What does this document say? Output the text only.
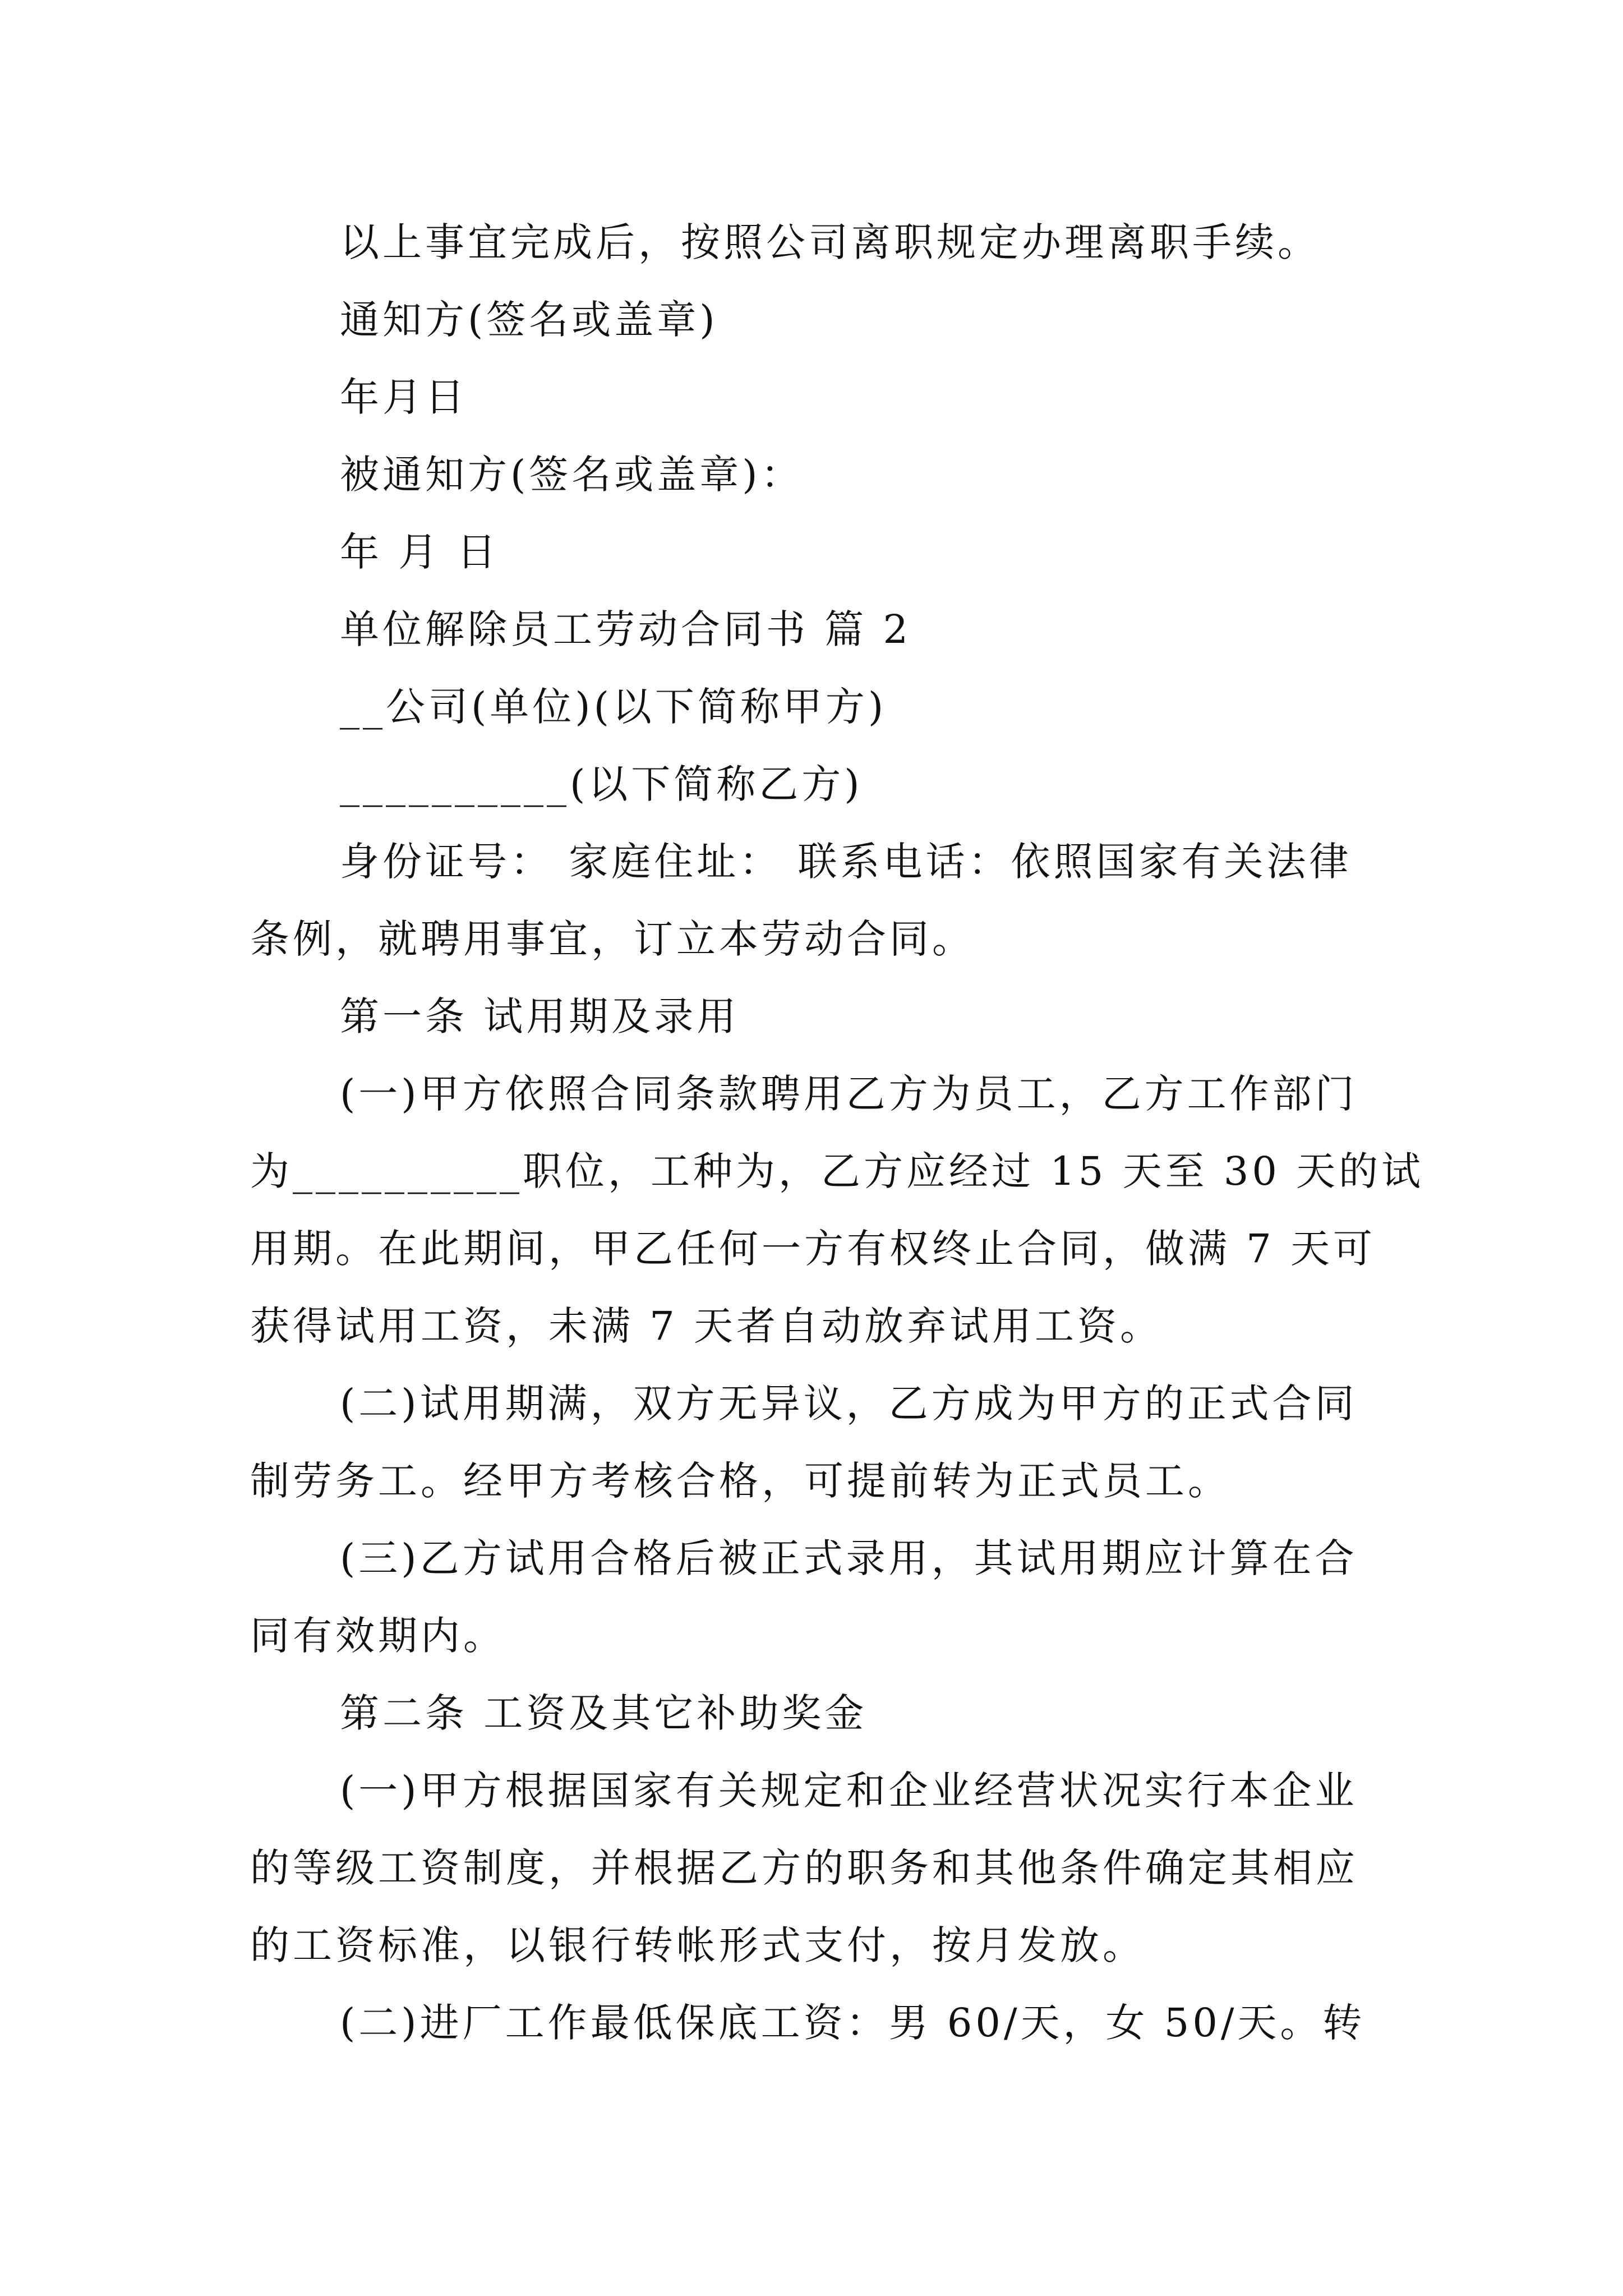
以上事宜完成后，按照公司离职规定办理离职手续。
通知方(签名或盖章)
年月日
被通知方(签名或盖章)：
年 月 日
单位解除员工劳动合同书 篇 2
__公司(单位)(以下简称甲方)
__________(以下简称乙方)
身份证号： 家庭住址： 联系电话：依照国家有关法律
条例，就聘用事宜，订立本劳动合同。
第一条 试用期及录用
(一)甲方依照合同条款聘用乙方为员工，乙方工作部门
为__________职位，工种为，乙方应经过 15 天至 30 天的试
用期。在此期间，甲乙任何一方有权终止合同，做满 7 天可
获得试用工资，未满 7 天者自动放弃试用工资。
(二)试用期满，双方无异议，乙方成为甲方的正式合同
制劳务工。经甲方考核合格，可提前转为正式员工。
(三)乙方试用合格后被正式录用，其试用期应计算在合
同有效期内。
第二条 工资及其它补助奖金
(一)甲方根据国家有关规定和企业经营状况实行本企业
的等级工资制度，并根据乙方的职务和其他条件确定其相应
的工资标准，以银行转帐形式支付，按月发放。
(二)进厂工作最低保底工资：男 60/天，女 50/天。转
